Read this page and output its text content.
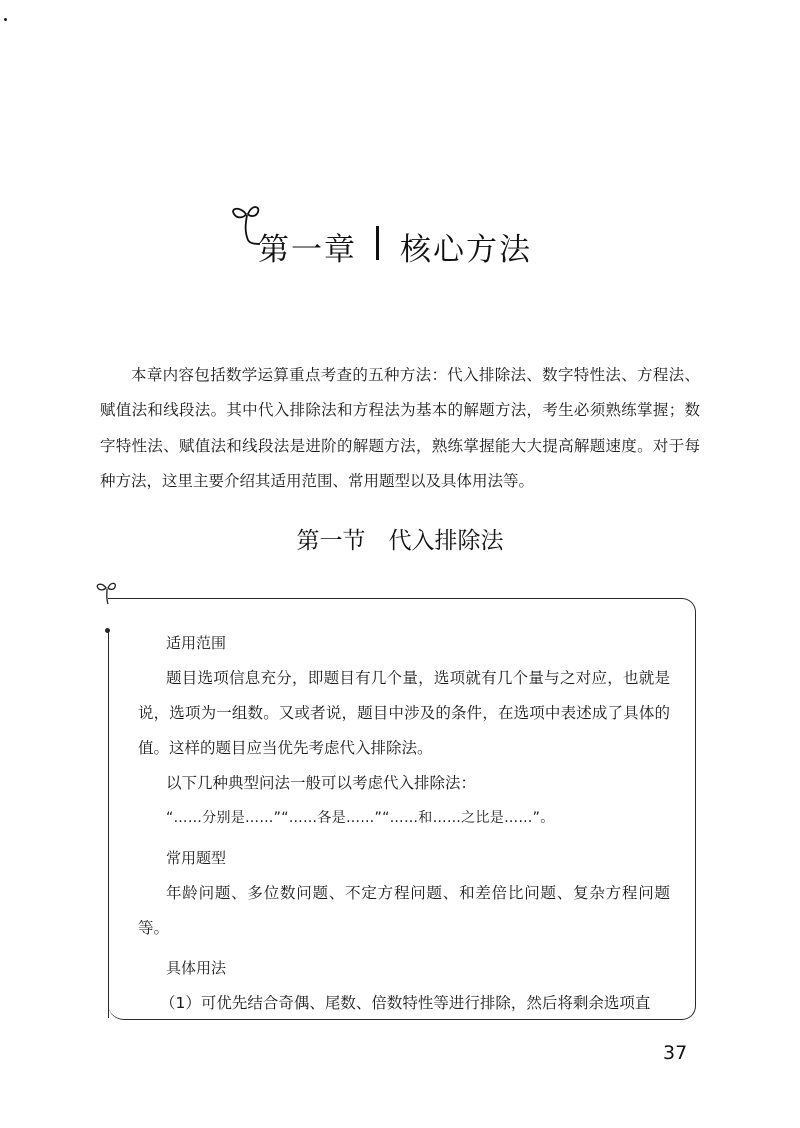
第一章 核心方法

本章内容包括数学运算重点考查的五种方法：代入排除法、数字特性法、方程法、赋值法和线段法。其中代入排除法和方程法为基本的解题方法，考生必须熟练掌握；数字特性法、赋值法和线段法是进阶的解题方法，熟练掌握能大大提高解题速度。对于每种方法，这里主要介绍其适用范围、常用题型以及具体用法等。

第一节　代入排除法
适用范围

题目选项信息充分，即题目有几个量，选项就有几个量与之对应，也就是说，选项为一组数。又或者说，题目中涉及的条件，在选项中表述成了具体的值。这样的题目应当优先考虑代入排除法。

以下几种典型问法一般可以考虑代入排除法：
“……分别是……”“……各是……”“……和……之比是……”。
常用题型

年龄问题、多位数问题、不定方程问题、和差倍比问题、复杂方程问题等。

具体用法
（1）可优先结合奇偶、尾数、倍数特性等进行排除，然后将剩余选项直
37
